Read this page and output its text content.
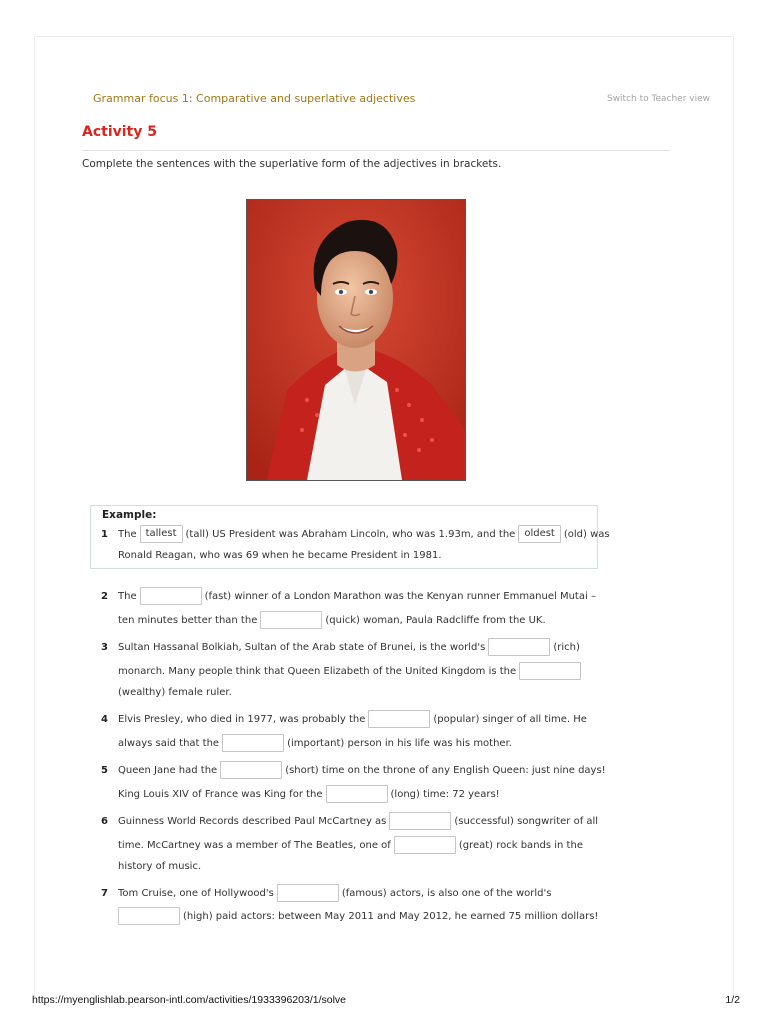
Grammar focus 1: Comparative and superlative adjectives	Switch to Teacher view
Activity 5
Complete the sentences with the superlative form of the adjectives in brackets.
Example:
1 The tallest (tall) US President was Abraham Lincoln, who was 1.93m, and the oldest (old) was
Ronald Reagan, who was 69 when he became President in 1981.
2 The	(fast) winner of a London Marathon was the Kenyan runner Emmanuel Mutai –
ten minutes better than the	(quick) woman, Paula Radcliffe from the UK.
3 Sultan Hassanal Bolkiah, Sultan of the Arab state of Brunei, is the world's	(rich)
monarch. Many people think that Queen Elizabeth of the United Kingdom is the
(wealthy) female ruler.
4 Elvis Presley, who died in 1977, was probably the	(popular) singer of all time. He
always said that the	(important) person in his life was his mother.
5 Queen Jane had the	(short) time on the throne of any English Queen: just nine days!
King Louis XIV of France was King for the	(long) time: 72 years!
6 Guinness World Records described Paul McCartney as	(successful) songwriter of all
time. McCartney was a member of The Beatles, one of	(great) rock bands in the
history of music.
7 Tom Cruise, one of Hollywood's	(famous) actors, is also one of the world's
(high) paid actors: between May 2011 and May 2012, he earned 75 million dollars!
https://myenglishlab.pearson-intl.com/activities/1933396203/1/solve	1/2
